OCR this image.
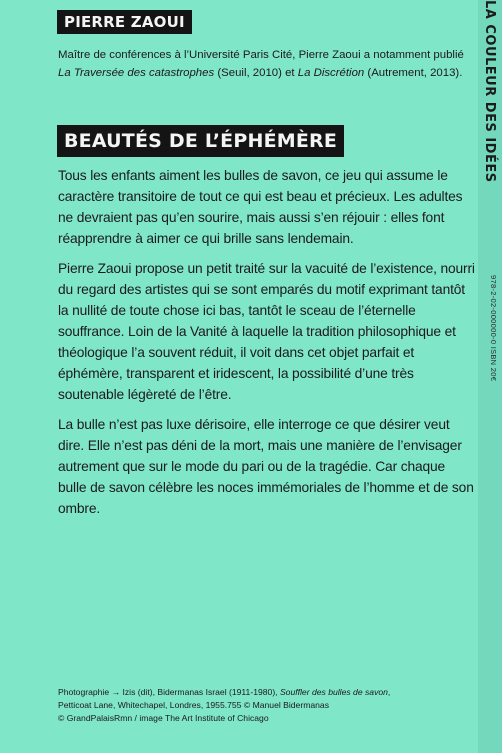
PIERRE ZAOUI

Maître de conférences à l’Université Paris Cité, Pierre Zaoui a notamment publié La Traversée des catastrophes (Seuil, 2010) et La Discrétion (Autrement, 2013).

BEAUTÉS DE L’ÉPHÉMÈRE

Tous les enfants aiment les bulles de savon, ce jeu qui assume le caractère transitoire de tout ce qui est beau et précieux. Les adultes ne devraient pas qu’en sourire, mais aussi s’en réjouir : elles font réapprendre à aimer ce qui brille sans lendemain.

Pierre Zaoui propose un petit traité sur la vacuité de l’existence, nourri du regard des artistes qui se sont emparés du motif exprimant tantôt la nullité de toute chose ici bas, tantôt le sceau de l’éternelle souffrance. Loin de la Vanité à laquelle la tradition philosophique et théologique l’a souvent réduit, il voit dans cet objet parfait et éphémère, transparent et iridescent, la possibilité d’une très soutenable légèreté de l’être.

La bulle n’est pas luxe dérisoire, elle interroge ce que désirer veut dire. Elle n’est pas déni de la mort, mais une manière de l’envisager autrement que sur le mode du pari ou de la tragédie. Car chaque bulle de savon célèbre les noces immémoriales de l’homme et de son ombre.

Photographie → Izis (dit), Bidermanas Israel (1911-1980), Souffler des bulles de savon,

Petticoat Lane, Whitechapel, Londres, 1955.755 © Manuel Bidermanas

© GrandPalaisRmn / image The Art Institute of Chicago

LA COULEUR DES IDÉES
978-2-02-000000-0 ISBN 20€
